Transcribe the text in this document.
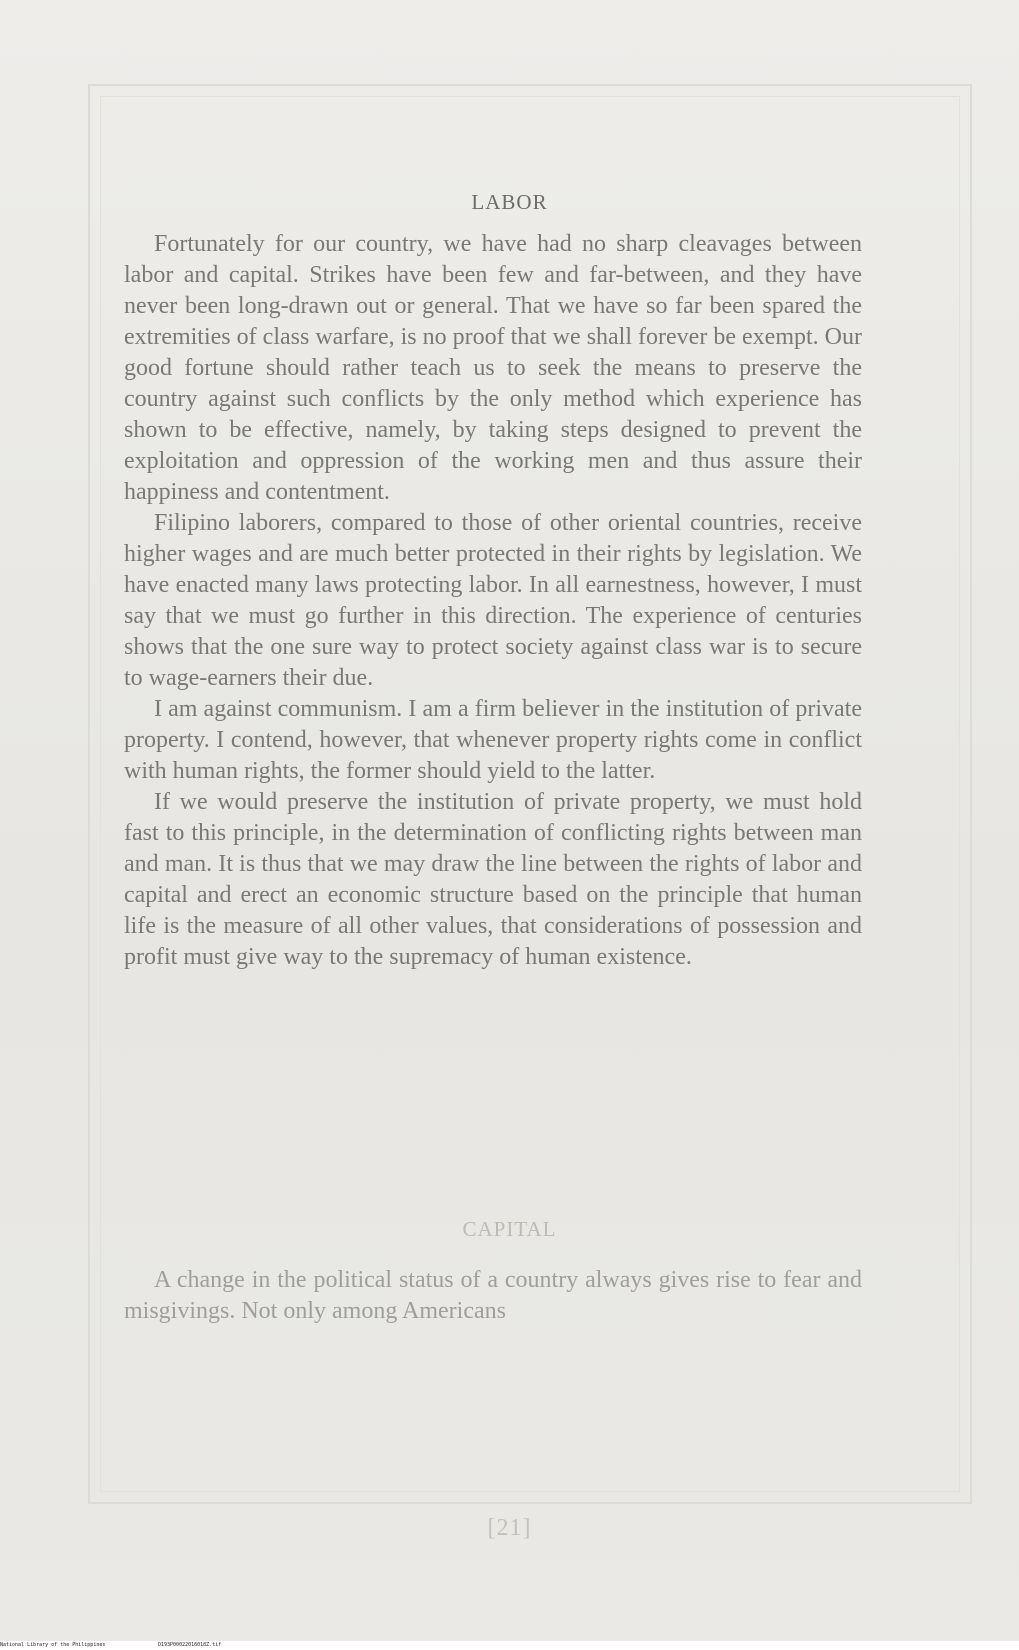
LABOR

Fortunately for our country, we have had no sharp cleavages between labor and capital. Strikes have been few and far-between, and they have never been long-drawn out or general. That we have so far been spared the extremities of class warfare, is no proof that we shall forever be exempt. Our good fortune should rather teach us to seek the means to preserve the country against such conflicts by the only method which experience has shown to be effective, namely, by taking steps designed to prevent the exploitation and oppression of the working men and thus assure their happiness and contentment.

Filipino laborers, compared to those of other oriental countries, receive higher wages and are much better protected in their rights by legislation. We have enacted many laws protecting labor. In all earnestness, however, I must say that we must go further in this direction. The experience of centuries shows that the one sure way to protect society against class war is to secure to wage-earners their due.

I am against communism. I am a firm believer in the institution of private property. I contend, however, that whenever property rights come in conflict with human rights, the former should yield to the latter.

If we would preserve the institution of private property, we must hold fast to this principle, in the determination of conflicting rights between man and man. It is thus that we may draw the line between the rights of labor and capital and erect an economic structure based on the principle that human life is the measure of all other values, that considerations of possession and profit must give way to the supremacy of human existence.

CAPITAL

A change in the political status of a country always gives rise to fear and misgivings. Not only among Americans

[21]
National Library of the Philippines	D193P00022016018Z.tif
